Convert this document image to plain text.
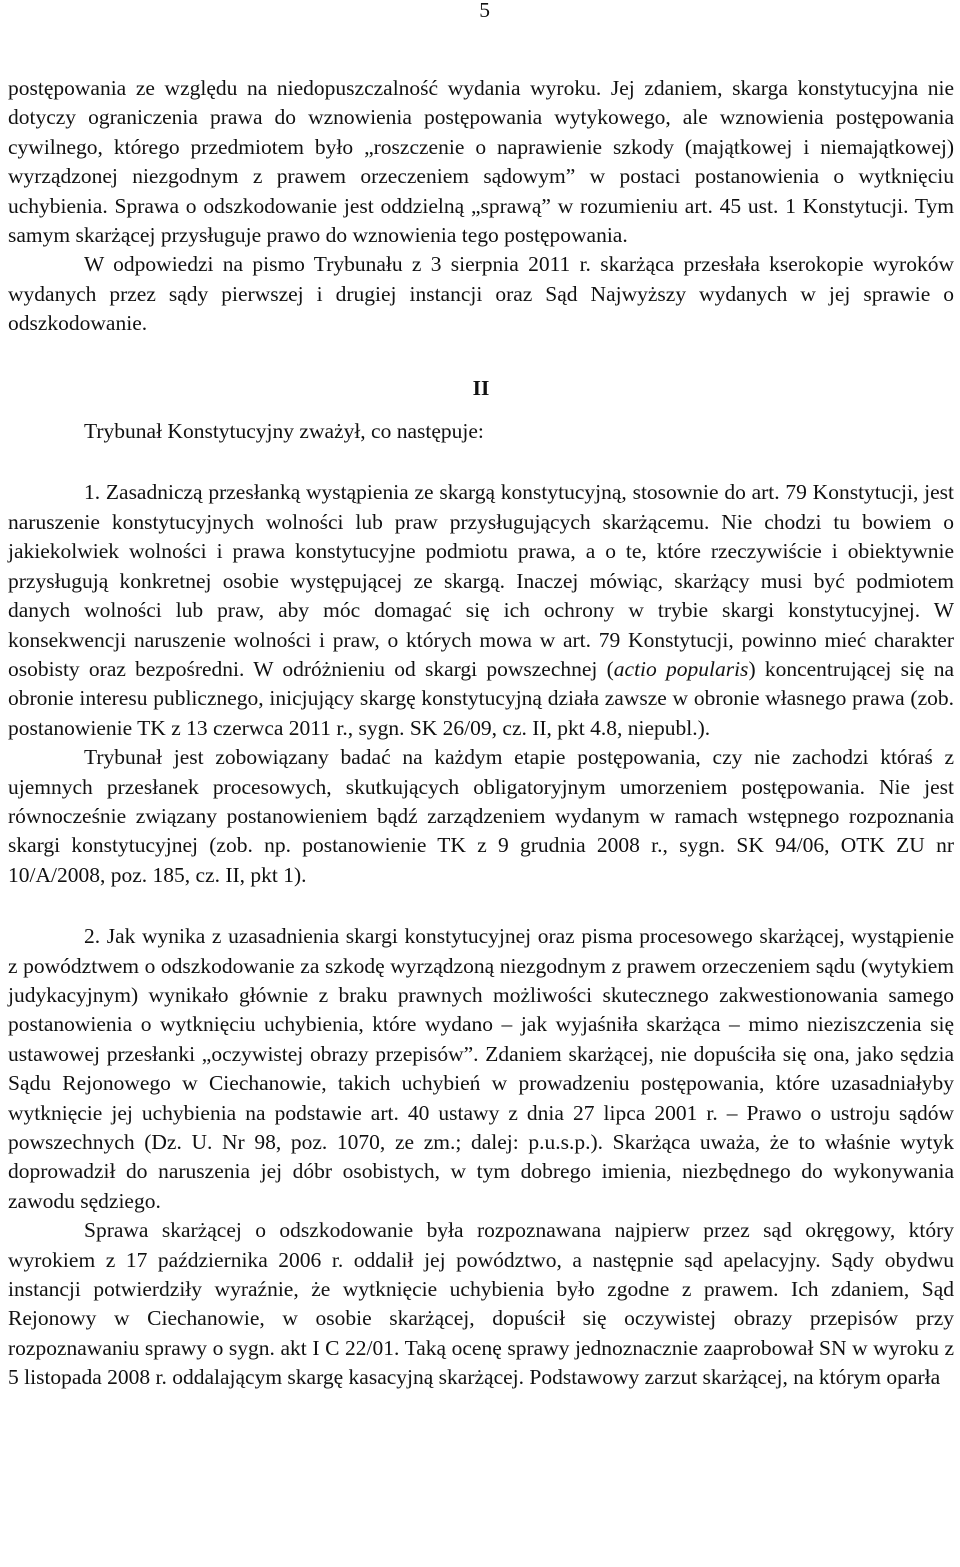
5

postępowania ze względu na niedopuszczalność wydania wyroku. Jej zdaniem, skarga konstytucyjna nie dotyczy ograniczenia prawa do wznowienia postępowania wytykowego, ale wznowienia postępowania cywilnego, którego przedmiotem było „roszczenie o naprawienie szkody (majątkowej i niemajątkowej) wyrządzonej niezgodnym z prawem orzeczeniem sądowym” w postaci postanowienia o wytknięciu uchybienia. Sprawa o odszkodowanie jest oddzielną „sprawą” w rozumieniu art. 45 ust. 1 Konstytucji. Tym samym skarżącej przysługuje prawo do wznowienia tego postępowania.

W odpowiedzi na pismo Trybunału z 3 sierpnia 2011 r. skarżąca przesłała kserokopie wyroków wydanych przez sądy pierwszej i drugiej instancji oraz Sąd Najwyższy wydanych w jej sprawie o odszkodowanie.

II

Trybunał Konstytucyjny zważył, co następuje:

1. Zasadniczą przesłanką wystąpienia ze skargą konstytucyjną, stosownie do art. 79 Konstytucji, jest naruszenie konstytucyjnych wolności lub praw przysługujących skarżącemu. Nie chodzi tu bowiem o jakiekolwiek wolności i prawa konstytucyjne podmiotu prawa, a o te, które rzeczywiście i obiektywnie przysługują konkretnej osobie występującej ze skargą. Inaczej mówiąc, skarżący musi być podmiotem danych wolności lub praw, aby móc domagać się ich ochrony w trybie skargi konstytucyjnej. W konsekwencji naruszenie wolności i praw, o których mowa w art. 79 Konstytucji, powinno mieć charakter osobisty oraz bezpośredni. W odróżnieniu od skargi powszechnej (actio popularis) koncentrującej się na obronie interesu publicznego, inicjujący skargę konstytucyjną działa zawsze w obronie własnego prawa (zob. postanowienie TK z 13 czerwca 2011 r., sygn. SK 26/09, cz. II, pkt 4.8, niepubl.).

Trybunał jest zobowiązany badać na każdym etapie postępowania, czy nie zachodzi któraś z ujemnych przesłanek procesowych, skutkujących obligatoryjnym umorzeniem postępowania. Nie jest równocześnie związany postanowieniem bądź zarządzeniem wydanym w ramach wstępnego rozpoznania skargi konstytucyjnej (zob. np. postanowienie TK z 9 grudnia 2008 r., sygn. SK 94/06, OTK ZU nr 10/A/2008, poz. 185, cz. II, pkt 1).

2. Jak wynika z uzasadnienia skargi konstytucyjnej oraz pisma procesowego skarżącej, wystąpienie z powództwem o odszkodowanie za szkodę wyrządzoną niezgodnym z prawem orzeczeniem sądu (wytykiem judykacyjnym) wynikało głównie z braku prawnych możliwości skutecznego zakwestionowania samego postanowienia o wytknięciu uchybienia, które wydano – jak wyjaśniła skarżąca – mimo nieziszczenia się ustawowej przesłanki „oczywistej obrazy przepisów”. Zdaniem skarżącej, nie dopuściła się ona, jako sędzia Sądu Rejonowego w Ciechanowie, takich uchybień w prowadzeniu postępowania, które uzasadniałyby wytknięcie jej uchybienia na podstawie art. 40 ustawy z dnia 27 lipca 2001 r. – Prawo o ustroju sądów powszechnych (Dz. U. Nr 98, poz. 1070, ze zm.; dalej: p.u.s.p.). Skarżąca uważa, że to właśnie wytyk doprowadził do naruszenia jej dóbr osobistych, w tym dobrego imienia, niezbędnego do wykonywania zawodu sędziego.

Sprawa skarżącej o odszkodowanie była rozpoznawana najpierw przez sąd okręgowy, który wyrokiem z 17 października 2006 r. oddalił jej powództwo, a następnie sąd apelacyjny. Sądy obydwu instancji potwierdziły wyraźnie, że wytknięcie uchybienia było zgodne z prawem. Ich zdaniem, Sąd Rejonowy w Ciechanowie, w osobie skarżącej, dopuścił się oczywistej obrazy przepisów przy rozpoznawaniu sprawy o sygn. akt I C 22/01. Taką ocenę sprawy jednoznacznie zaaprobował SN w wyroku z 5 listopada 2008 r. oddalającym skargę kasacyjną skarżącej. Podstawowy zarzut skarżącej, na którym oparła
